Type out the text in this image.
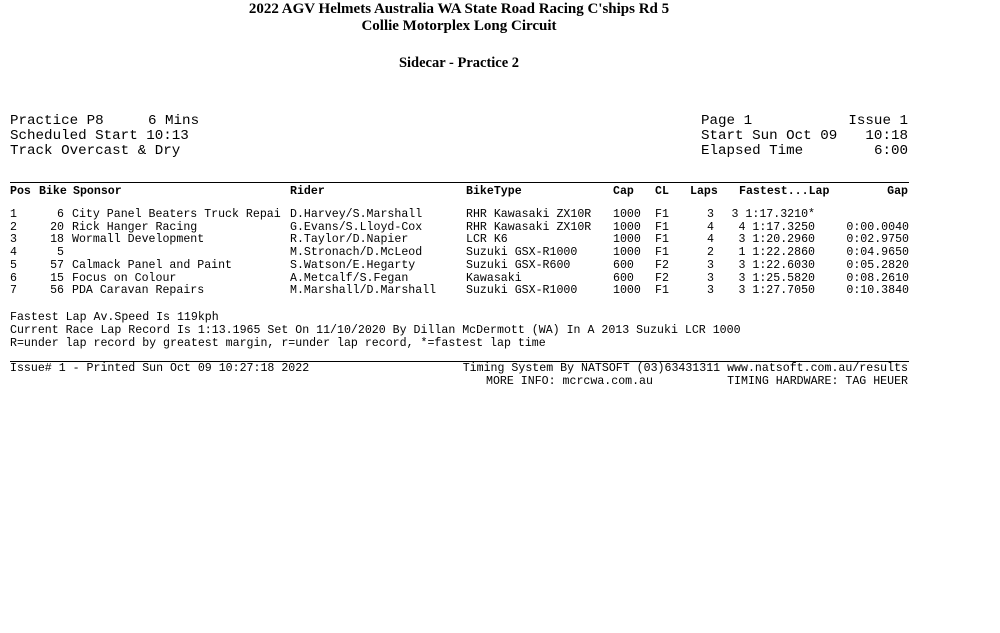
2022 AGV Helmets Australia WA State Road Racing C'ships Rd 5
Collie Motorplex Long Circuit
Sidecar - Practice 2
Practice P8	6 Mins
Scheduled Start 10:13
Track Overcast & Dry
Page 1	Issue 1
Start Sun Oct 09	10:18
Elapsed Time	6:00
Pos Bike Sponsor	Rider	BikeType	Cap CL Laps Fastest...Lap	Gap
1	6	City Panel Beaters Truck Repai	D.Harvey/S.Marshall	RHR Kawasaki ZX10R	1000	F1	3	3 1:17.3210*	
2	20	Rick Hanger Racing	G.Evans/S.Lloyd-Cox	RHR Kawasaki ZX10R	1000	F1	4	4 1:17.3250	0:00.0040
3	18	Wormall Development	R.Taylor/D.Napier	LCR K6	1000	F1	4	3 1:20.2960	0:02.9750
4	5		M.Stronach/D.McLeod	Suzuki GSX-R1000	1000	F1	2	1 1:22.2860	0:04.9650
5	57	Calmack Panel and Paint	S.Watson/E.Hegarty	Suzuki GSX-R600	600	F2	3	3 1:22.6030	0:05.2820
6	15	Focus on Colour	A.Metcalf/S.Fegan	Kawasaki	600	F2	3	3 1:25.5820	0:08.2610
7	56	PDA Caravan Repairs	M.Marshall/D.Marshall	Suzuki GSX-R1000	1000	F1	3	3 1:27.7050	0:10.3840
Fastest Lap Av.Speed Is 119kph
Current Race Lap Record Is 1:13.1965 Set On 11/10/2020 By Dillan McDermott (WA) In A 2013 Suzuki LCR 1000
R=under lap record by greatest margin, r=under lap record, *=fastest lap time
Issue# 1 - Printed Sun Oct 09 10:27:18 2022	Timing System By NATSOFT (03)63431311 www.natsoft.com.au/results
MORE INFO: mcrcwa.com.au	TIMING HARDWARE: TAG HEUER
